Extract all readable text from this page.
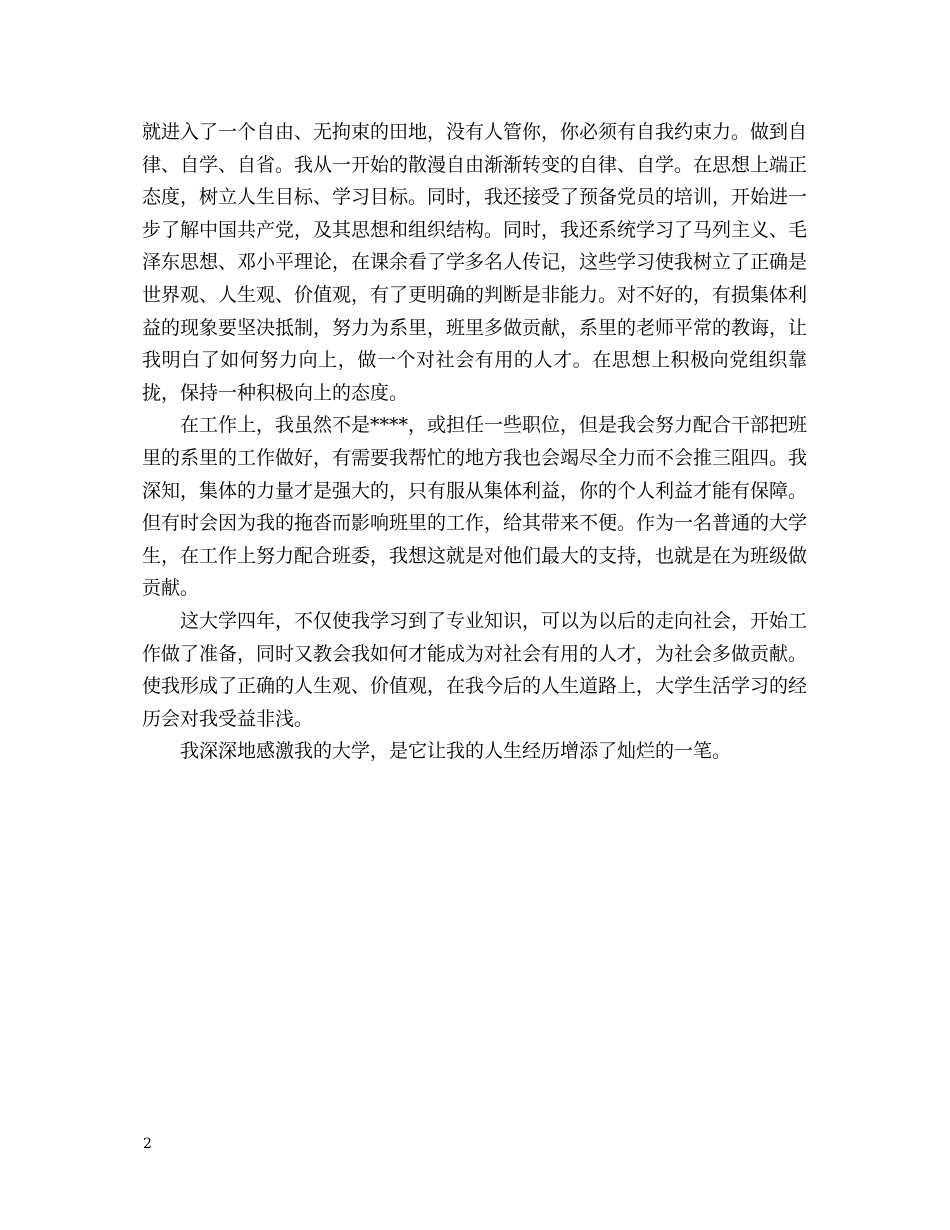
就进入了一个自由、无拘束的田地，没有人管你，你必须有自我约束力。做到自律、自学、自省。我从一开始的散漫自由渐渐转变的自律、自学。在思想上端正态度，树立人生目标、学习目标。同时，我还接受了预备党员的培训，开始进一步了解中国共产党，及其思想和组织结构。同时，我还系统学习了马列主义、毛泽东思想、邓小平理论，在课余看了学多名人传记，这些学习使我树立了正确是世界观、人生观、价值观，有了更明确的判断是非能力。对不好的，有损集体利益的现象要坚决抵制，努力为系里，班里多做贡献，系里的老师平常的教诲，让我明白了如何努力向上，做一个对社会有用的人才。在思想上积极向党组织靠拢，保持一种积极向上的态度。

在工作上，我虽然不是****，或担任一些职位，但是我会努力配合干部把班里的系里的工作做好，有需要我帮忙的地方我也会竭尽全力而不会推三阻四。我深知，集体的力量才是强大的，只有服从集体利益，你的个人利益才能有保障。但有时会因为我的拖沓而影响班里的工作，给其带来不便。作为一名普通的大学生，在工作上努力配合班委，我想这就是对他们最大的支持，也就是在为班级做贡献。

这大学四年，不仅使我学习到了专业知识，可以为以后的走向社会，开始工作做了准备，同时又教会我如何才能成为对社会有用的人才，为社会多做贡献。使我形成了正确的人生观、价值观，在我今后的人生道路上，大学生活学习的经历会对我受益非浅。

我深深地感激我的大学，是它让我的人生经历增添了灿烂的一笔。

2
